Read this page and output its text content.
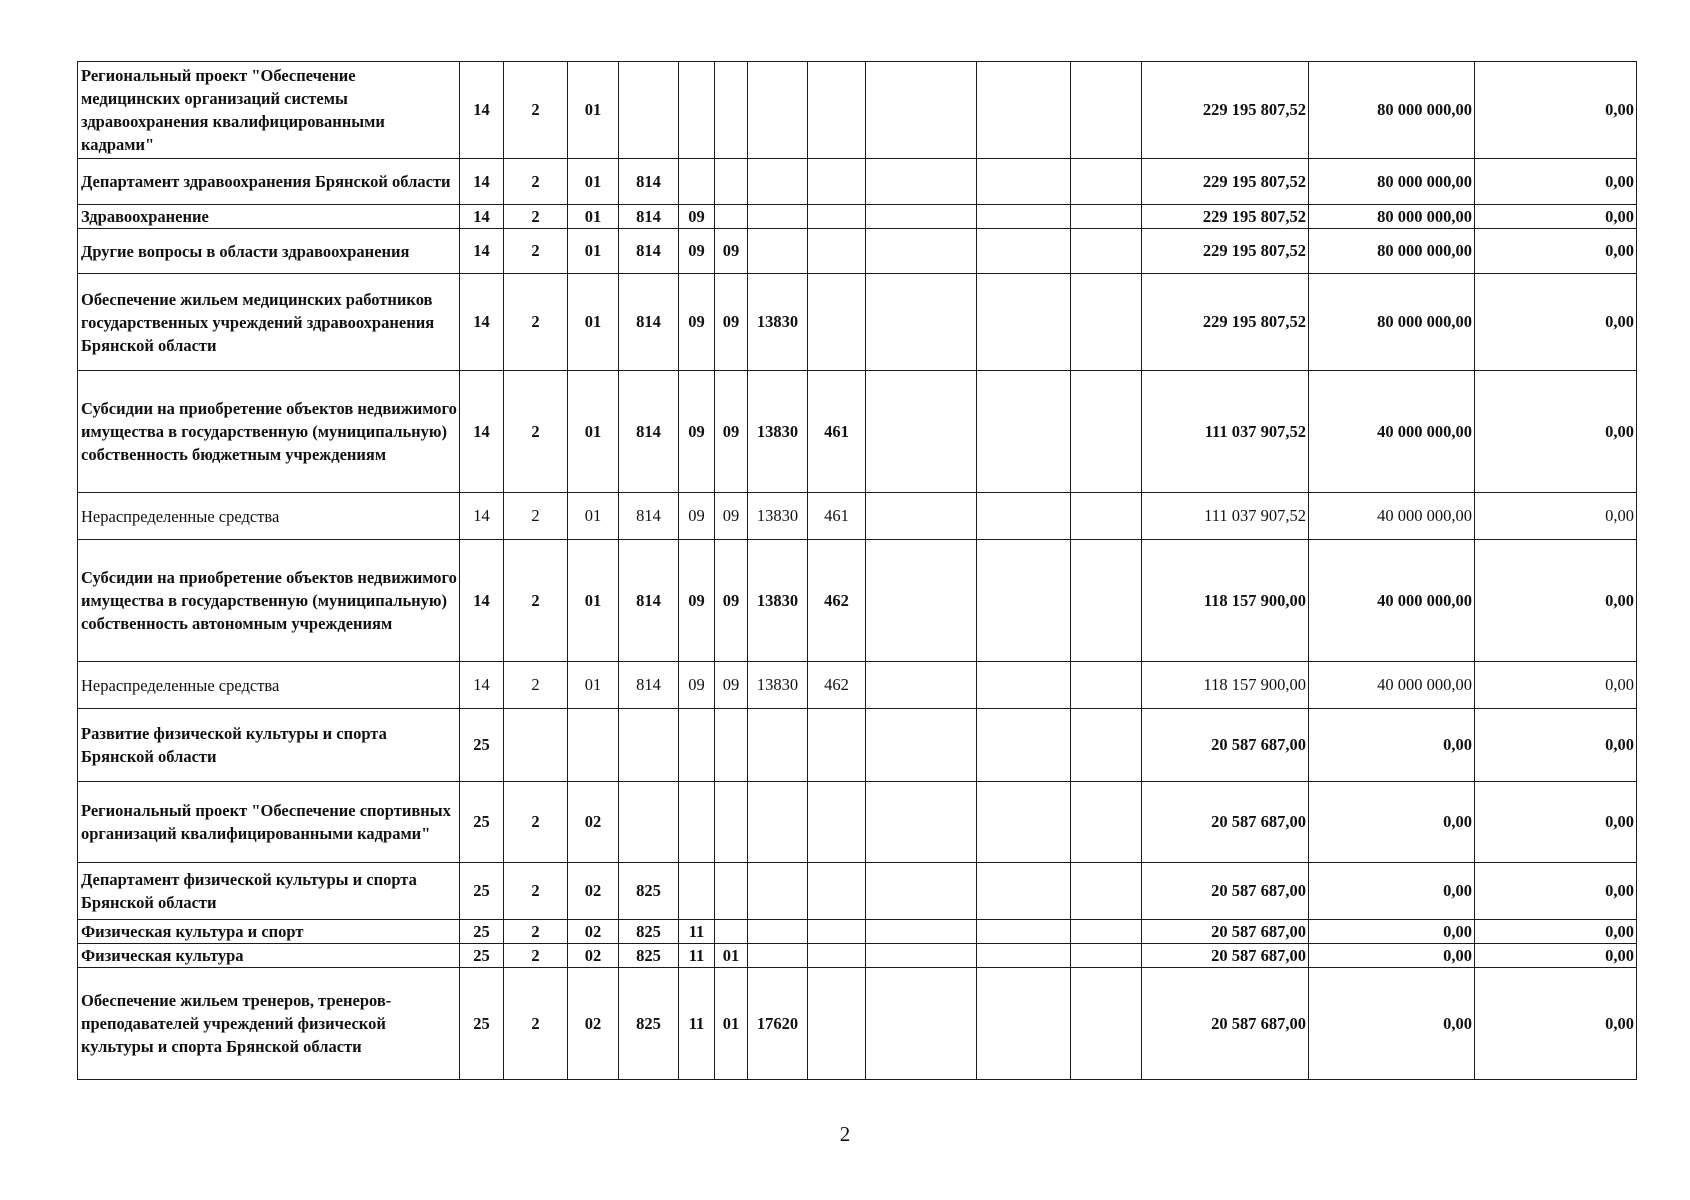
Региональный проект "Обеспечение медицинских организаций системы здравоохранения квалифицированными кадрами"	14	2	01									229 195 807,52	80 000 000,00	0,00
Департамент здравоохранения Брянской области	14	2	01	814								229 195 807,52	80 000 000,00	0,00
Здравоохранение	14	2	01	814	09							229 195 807,52	80 000 000,00	0,00
Другие вопросы в области здравоохранения	14	2	01	814	09	09						229 195 807,52	80 000 000,00	0,00
Обеспечение жильем медицинских работников государственных учреждений здравоохранения Брянской области	14	2	01	814	09	09	13830					229 195 807,52	80 000 000,00	0,00
Субсидии на приобретение объектов недвижимого имущества в государственную (муниципальную) собственность бюджетным учреждениям	14	2	01	814	09	09	13830	461				111 037 907,52	40 000 000,00	0,00
Нераспределенные средства	14	2	01	814	09	09	13830	461				111 037 907,52	40 000 000,00	0,00
Субсидии на приобретение объектов недвижимого имущества в государственную (муниципальную) собственность автономным учреждениям	14	2	01	814	09	09	13830	462				118 157 900,00	40 000 000,00	0,00
Нераспределенные средства	14	2	01	814	09	09	13830	462				118 157 900,00	40 000 000,00	0,00
Развитие физической культуры и спорта Брянской области	25											20 587 687,00	0,00	0,00
Региональный проект "Обеспечение спортивных организаций квалифицированными кадрами"	25	2	02									20 587 687,00	0,00	0,00
Департамент физической культуры и спорта Брянской области	25	2	02	825								20 587 687,00	0,00	0,00
Физическая культура и спорт	25	2	02	825	11							20 587 687,00	0,00	0,00
Физическая культура	25	2	02	825	11	01						20 587 687,00	0,00	0,00
Обеспечение жильем тренеров, тренеров-преподавателей учреждений физической культуры и спорта Брянской области	25	2	02	825	11	01	17620					20 587 687,00	0,00	0,00
2
